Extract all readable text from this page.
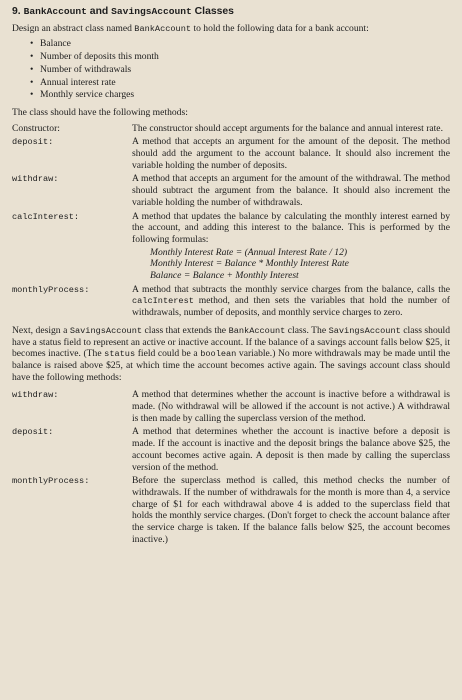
9. BankAccount and SavingsAccount Classes

Design an abstract class named BankAccount to hold the following data for a bank account:

• Balance
• Number of deposits this month
• Number of withdrawals
• Annual interest rate
• Monthly service charges

The class should have the following methods:

Constructor:	The constructor should accept arguments for the balance and annual interest rate.
deposit:	A method that accepts an argument for the amount of the deposit. The method should add the argument to the account balance. It should also increment the variable holding the number of deposits.
withdraw:	A method that accepts an argument for the amount of the withdrawal. The method should subtract the argument from the balance. It should also increment the variable holding the number of withdrawals.
calcInterest:	A method that updates the balance by calculating the monthly interest earned by the account, and adding this interest to the balance. This is performed by the following formulas:
Monthly Interest Rate = (Annual Interest Rate / 12)
Monthly Interest = Balance * Monthly Interest Rate
Balance = Balance + Monthly Interest
monthlyProcess:	A method that subtracts the monthly service charges from the balance, calls the calcInterest method, and then sets the variables that hold the number of withdrawals, number of deposits, and monthly service charges to zero.

Next, design a SavingsAccount class that extends the BankAccount class. The SavingsAccount class should have a status field to represent an active or inactive account. If the balance of a savings account falls below $25, it becomes inactive. (The status field could be a boolean variable.) No more withdrawals may be made until the balance is raised above $25, at which time the account becomes active again. The savings account class should have the following methods:

withdraw:	A method that determines whether the account is inactive before a withdrawal is made. (No withdrawal will be allowed if the account is not active.) A withdrawal is then made by calling the superclass version of the method.
deposit:	A method that determines whether the account is inactive before a deposit is made. If the account is inactive and the deposit brings the balance above $25, the account becomes active again. A deposit is then made by calling the superclass version of the method.
monthlyProcess:	Before the superclass method is called, this method checks the number of withdrawals. If the number of withdrawals for the month is more than 4, a service charge of $1 for each withdrawal above 4 is added to the superclass field that holds the monthly service charges. (Don't forget to check the account balance after the service charge is taken. If the balance falls below $25, the account becomes inactive.)
